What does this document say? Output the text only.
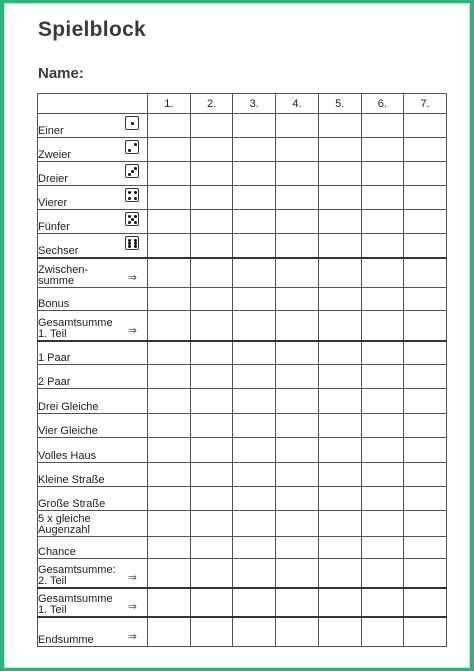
Spielblock
Name:
	1.	2.	3.	4.	5.	6.	7.

Einer							

Zweier							

Dreier							

Vierer							

Fünfer							

Sechser							

Zwischen-
summe ⇒							

Bonus							

Gesamtsumme
1. Teil ⇒							

1 Paar							

2 Paar							

Drei Gleiche							

Vier Gleiche							

Volles Haus							

Kleine Straße							

Große Straße							

5 x gleiche
Augenzahl							

Chance							

Gesamtsumme:
2. Teil ⇒							

Gesamtsumme
1. Teil ⇒							

Endsumme ⇒							
